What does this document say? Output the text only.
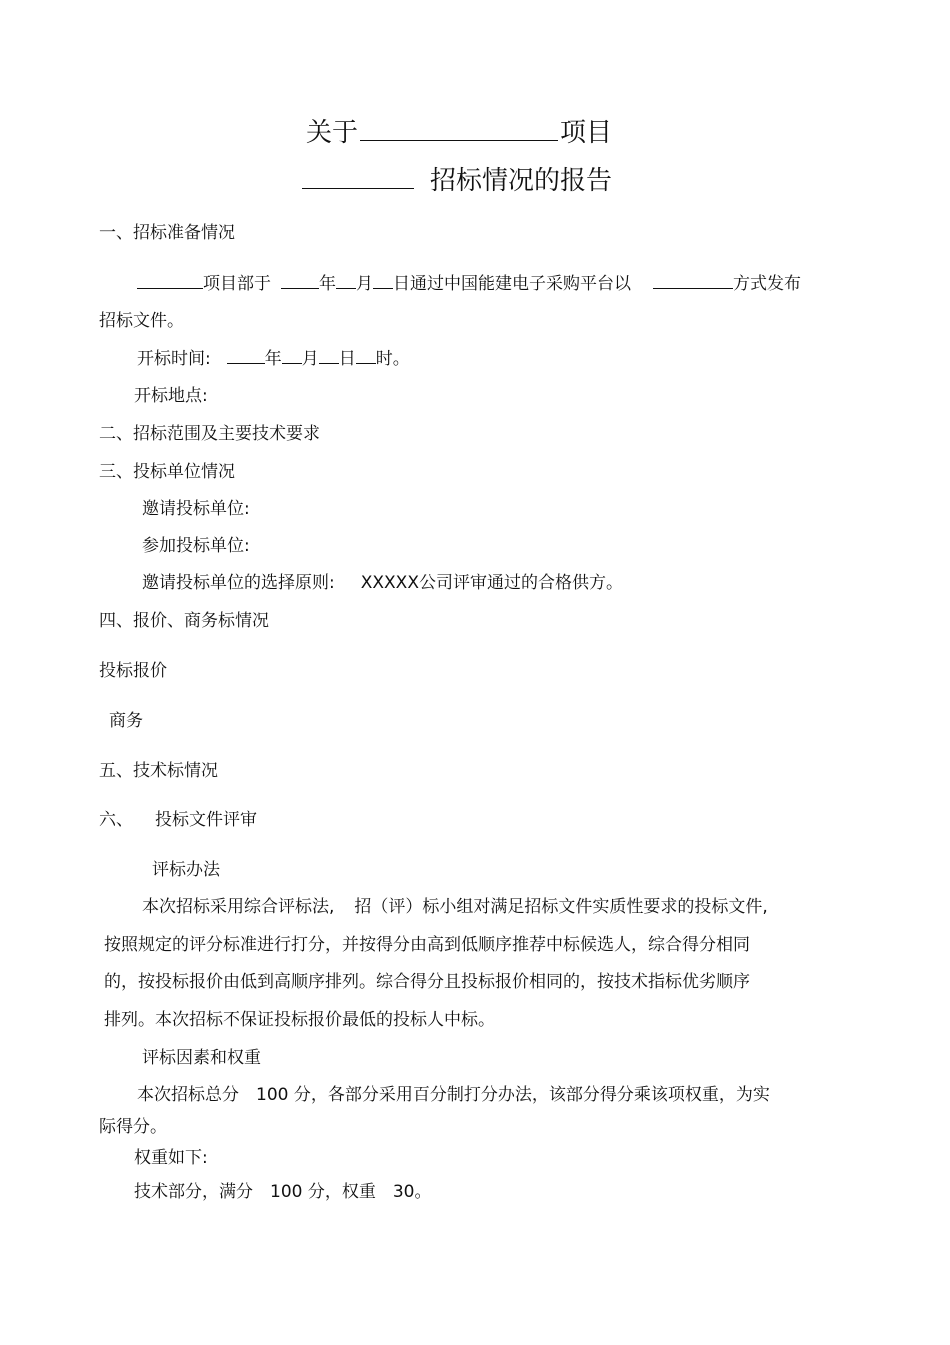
关于	项目
招标情况的报告
一、招标准备情况
项目部于	年 月 日通过中国能建电子采购平台以	方式发布
招标文件。
开标时间:	年 月 日 时。
开标地点:
二、招标范围及主要技术要求
三、投标单位情况
邀请投标单位:
参加投标单位:
邀请投标单位的选择原则: XXXXX公司评审通过的合格供方。
四、报价、商务标情况
投标报价
商务
五、技术标情况
六、 投标文件评审
评标办法
本次招标采用综合评标法, 招（评）标小组对满足招标文件实质性要求的投标文件,
按照规定的评分标准进行打分，并按得分由高到低顺序推荐中标候选人，综合得分相同
的，按投标报价由低到高顺序排列。综合得分且投标报价相同的，按技术指标优劣顺序
排列。本次招标不保证投标报价最低的投标人中标。
评标因素和权重
本次招标总分　100 分，各部分采用百分制打分办法，该部分得分乘该项权重，为实
际得分。
权重如下:
技术部分，满分　100 分，权重　30。
